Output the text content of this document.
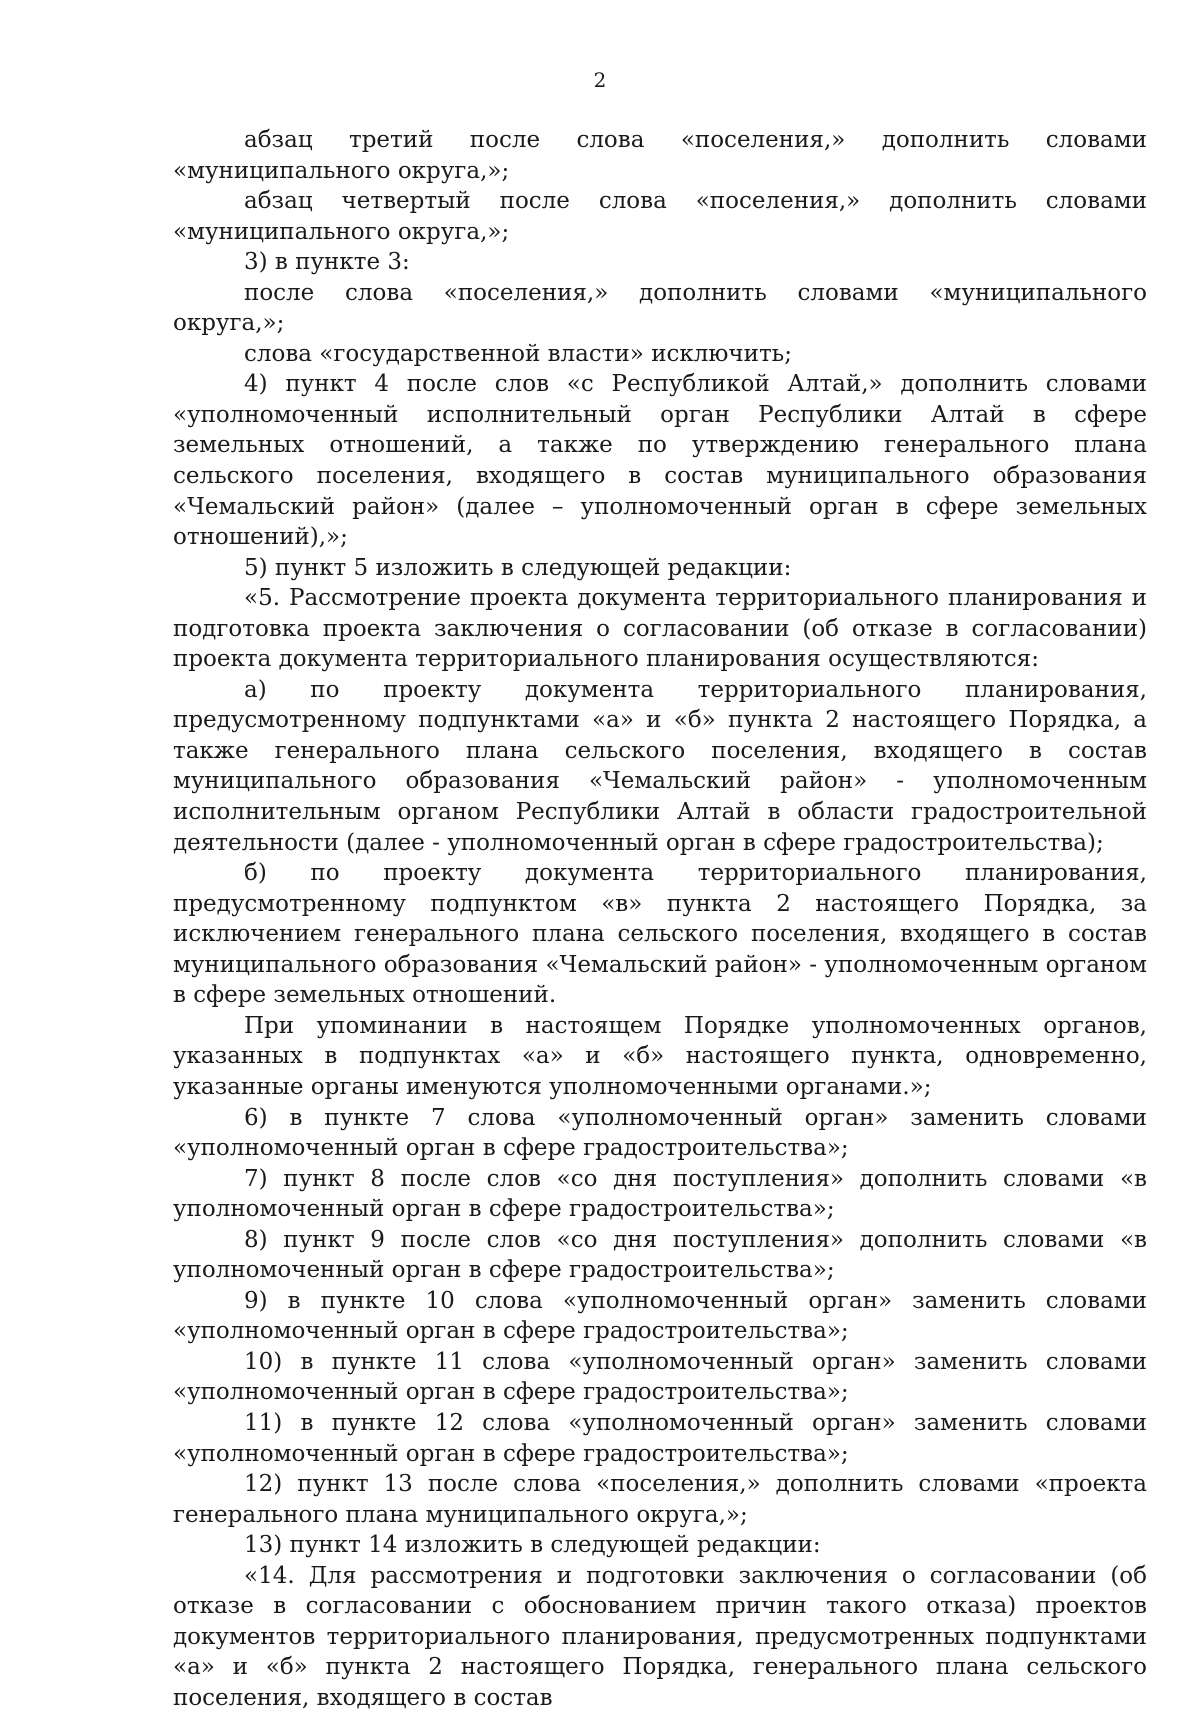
2

абзац третий после слова «поселения,» дополнить словами «муниципального округа,»;

абзац четвертый после слова «поселения,» дополнить словами «муниципального округа,»;

3) в пункте 3:

после слова «поселения,» дополнить словами «муниципального округа,»;

слова «государственной власти» исключить;

4) пункт 4 после слов «с Республикой Алтай,» дополнить словами «уполномоченный исполнительный орган Республики Алтай в сфере земельных отношений, а также по утверждению генерального плана сельского поселения, входящего в состав муниципального образования «Чемальский район» (далее – уполномоченный орган в сфере земельных отношений),»;

5) пункт 5 изложить в следующей редакции:

«5. Рассмотрение проекта документа территориального планирования и подготовка проекта заключения о согласовании (об отказе в согласовании) проекта документа территориального планирования осуществляются:

а) по проекту документа территориального планирования, предусмотренному подпунктами «а» и «б» пункта 2 настоящего Порядка, а также генерального плана сельского поселения, входящего в состав муниципального образования «Чемальский район» - уполномоченным исполнительным органом Республики Алтай в области градостроительной деятельности (далее - уполномоченный орган в сфере градостроительства);

б) по проекту документа территориального планирования, предусмотренному подпунктом «в» пункта 2 настоящего Порядка, за исключением генерального плана сельского поселения, входящего в состав муниципального образования «Чемальский район» - уполномоченным органом в сфере земельных отношений.

При упоминании в настоящем Порядке уполномоченных органов, указанных в подпунктах «а» и «б» настоящего пункта, одновременно, указанные органы именуются уполномоченными органами.»;

6) в пункте 7 слова «уполномоченный орган» заменить словами «уполномоченный орган в сфере градостроительства»;

7) пункт 8 после слов «со дня поступления» дополнить словами «в уполномоченный орган в сфере градостроительства»;

8) пункт 9 после слов «со дня поступления» дополнить словами «в уполномоченный орган в сфере градостроительства»;

9) в пункте 10 слова «уполномоченный орган» заменить словами «уполномоченный орган в сфере градостроительства»;

10) в пункте 11 слова «уполномоченный орган» заменить словами «уполномоченный орган в сфере градостроительства»;

11) в пункте 12 слова «уполномоченный орган» заменить словами «уполномоченный орган в сфере градостроительства»;

12) пункт 13 после слова «поселения,» дополнить словами «проекта генерального плана муниципального округа,»;

13) пункт 14 изложить в следующей редакции:

«14. Для рассмотрения и подготовки заключения о согласовании (об отказе в согласовании с обоснованием причин такого отказа) проектов документов территориального планирования, предусмотренных подпунктами «а» и «б» пункта 2 настоящего Порядка, генерального плана сельского поселения, входящего в состав
